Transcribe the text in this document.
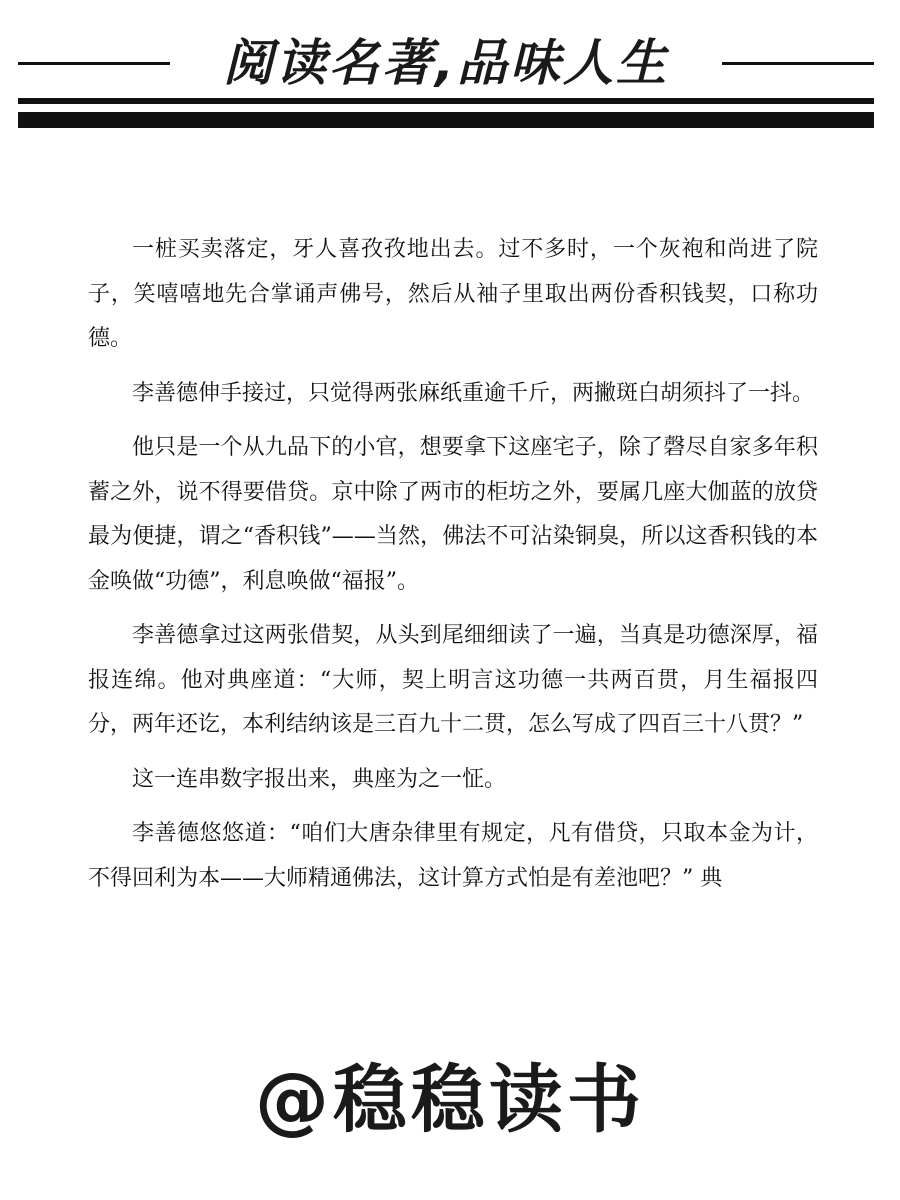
阅读名著,品味人生

一桩买卖落定，牙人喜孜孜地出去。过不多时，一个灰袍和尚进了院子，笑嘻嘻地先合掌诵声佛号，然后从袖子里取出两份香积钱契，口称功德。

李善德伸手接过，只觉得两张麻纸重逾千斤，两撇斑白胡须抖了一抖。

他只是一个从九品下的小官，想要拿下这座宅子，除了磬尽自家多年积蓄之外，说不得要借贷。京中除了两市的柜坊之外，要属几座大伽蓝的放贷最为便捷，谓之“香积钱”——当然，佛法不可沾染铜臭，所以这香积钱的本金唤做“功德”，利息唤做“福报”。

李善德拿过这两张借契，从头到尾细细读了一遍，当真是功德深厚，福报连绵。他对典座道：“大师，契上明言这功德一共两百贯，月生福报四分，两年还讫，本利结纳该是三百九十二贯，怎么写成了四百三十八贯？”

这一连串数字报出来，典座为之一怔。

李善德悠悠道：“咱们大唐杂律里有规定，凡有借贷，只取本金为计，不得回利为本——大师精通佛法，这计算方式怕是有差池吧？” 典

@稳稳读书
